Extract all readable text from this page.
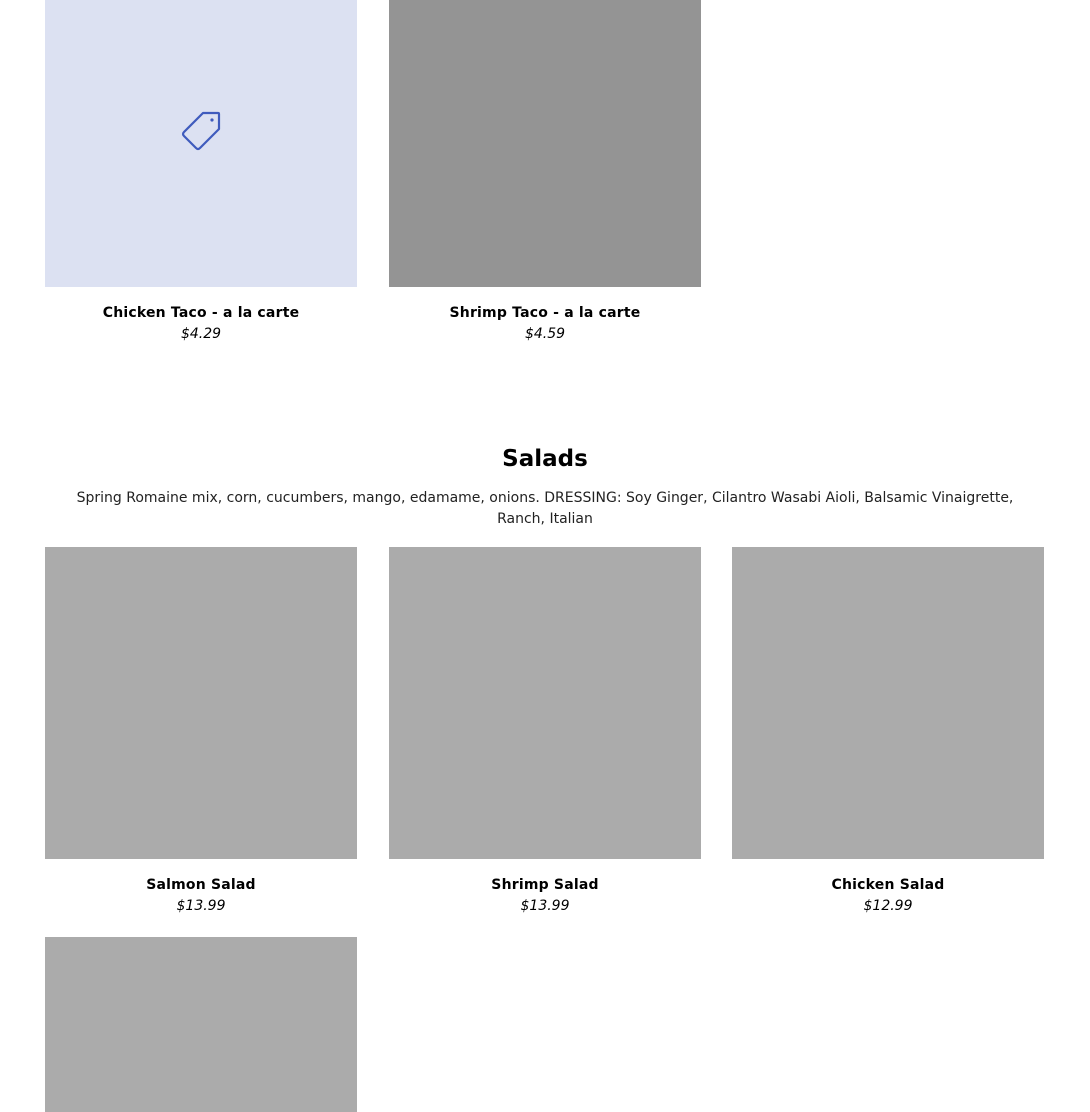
Chicken Taco - a la carte
$4.29
Shrimp Taco - a la carte
$4.59
Salads

Spring Romaine mix, corn, cucumbers, mango, edamame, onions. DRESSING: Soy Ginger, Cilantro Wasabi Aioli, Balsamic Vinaigrette, Ranch, Italian

Salmon Salad
$13.99
Shrimp Salad
$13.99
Chicken Salad
$12.99
